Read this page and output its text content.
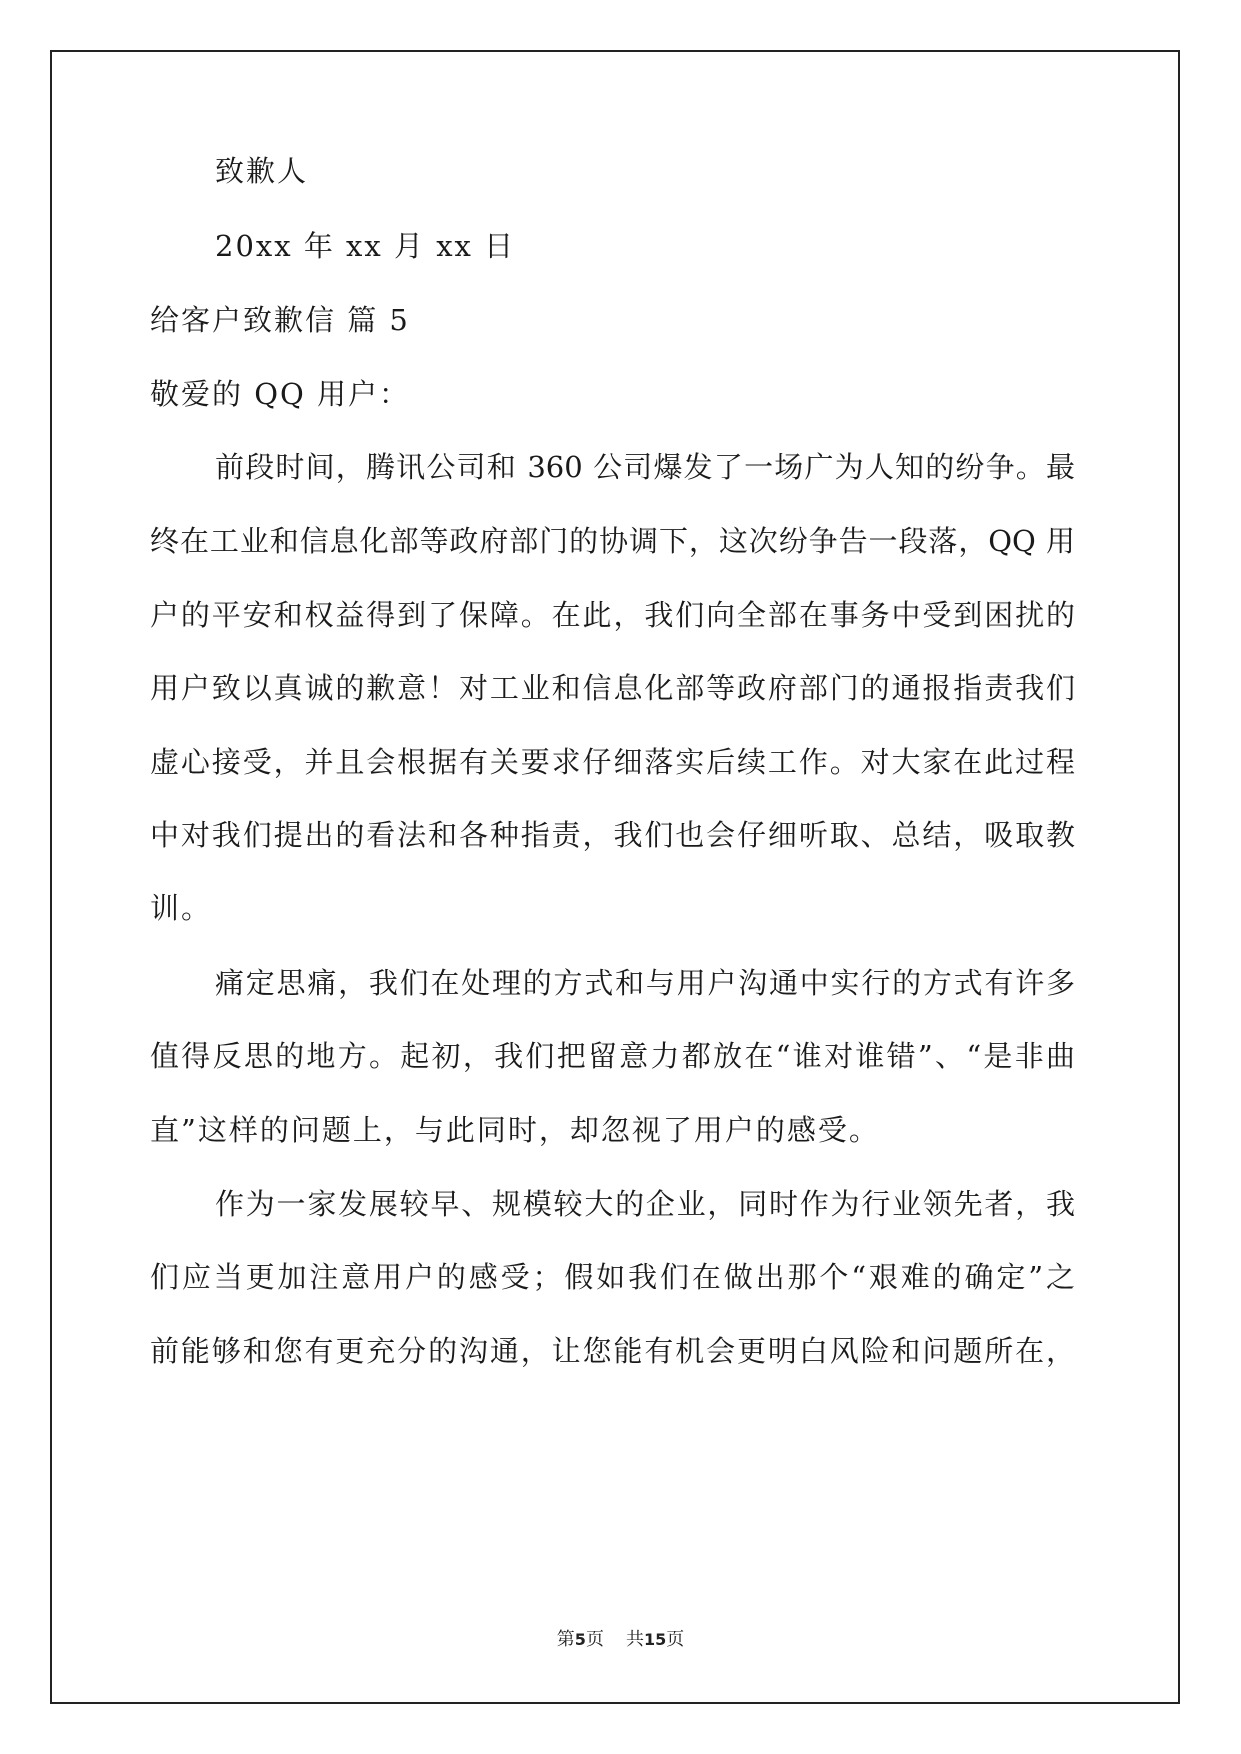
致歉人
20xx 年 xx 月 xx 日
给客户致歉信 篇 5
敬爱的 QQ 用户：
前段时间，腾讯公司和 360 公司爆发了一场广为人知的纷争。最
终在工业和信息化部等政府部门的协调下，这次纷争告一段落，QQ 用
户的平安和权益得到了保障。在此，我们向全部在事务中受到困扰的
用户致以真诚的歉意！对工业和信息化部等政府部门的通报指责我们
虚心接受，并且会根据有关要求仔细落实后续工作。对大家在此过程
中对我们提出的看法和各种指责，我们也会仔细听取、总结，吸取教
训。
痛定思痛，我们在处理的方式和与用户沟通中实行的方式有许多
值得反思的地方。起初，我们把留意力都放在“谁对谁错”、“是非曲
直”这样的问题上，与此同时，却忽视了用户的感受。
作为一家发展较早、规模较大的企业，同时作为行业领先者，我
们应当更加注意用户的感受；假如我们在做出那个“艰难的确定”之
前能够和您有更充分的沟通，让您能有机会更明白风险和问题所在，
第5页 共15页
